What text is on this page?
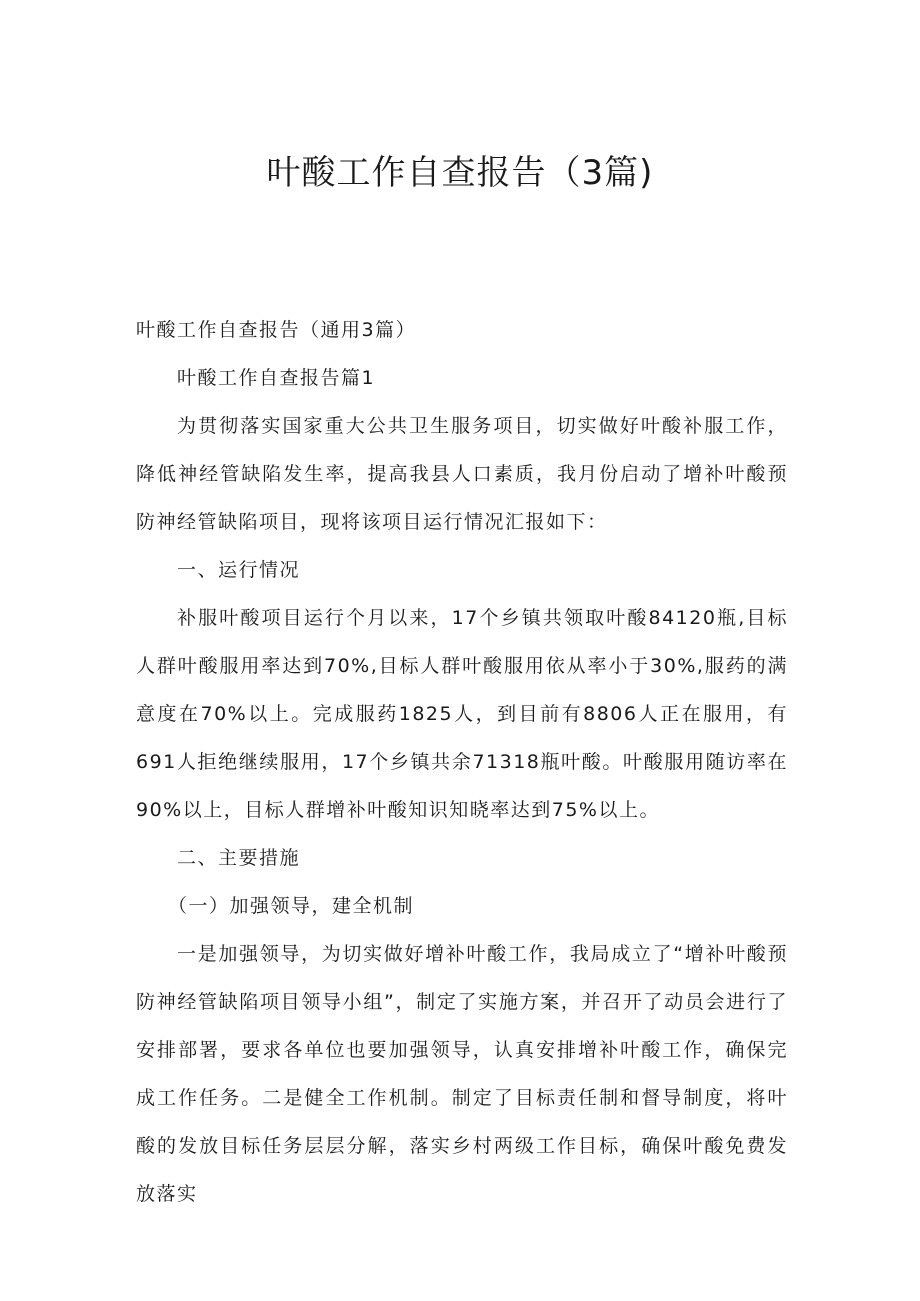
叶酸工作自查报告（3篇)

叶酸工作自查报告（通用3篇）

叶酸工作自查报告篇1

为贯彻落实国家重大公共卫生服务项目，切实做好叶酸补服工作，降低神经管缺陷发生率，提高我县人口素质，我月份启动了增补叶酸预防神经管缺陷项目，现将该项目运行情况汇报如下：

一、运行情况

补服叶酸项目运行个月以来，17个乡镇共领取叶酸84120瓶,目标人群叶酸服用率达到70%,目标人群叶酸服用依从率小于30%,服药的满意度在70%以上。完成服药1825人，到目前有8806人正在服用，有691人拒绝继续服用，17个乡镇共余71318瓶叶酸。叶酸服用随访率在90%以上，目标人群增补叶酸知识知晓率达到75%以上。

二、主要措施

（一）加强领导，建全机制

一是加强领导，为切实做好增补叶酸工作，我局成立了“增补叶酸预防神经管缺陷项目领导小组”，制定了实施方案，并召开了动员会进行了安排部署，要求各单位也要加强领导，认真安排增补叶酸工作，确保完成工作任务。二是健全工作机制。制定了目标责任制和督导制度，将叶酸的发放目标任务层层分解，落实乡村两级工作目标，确保叶酸免费发放落实
